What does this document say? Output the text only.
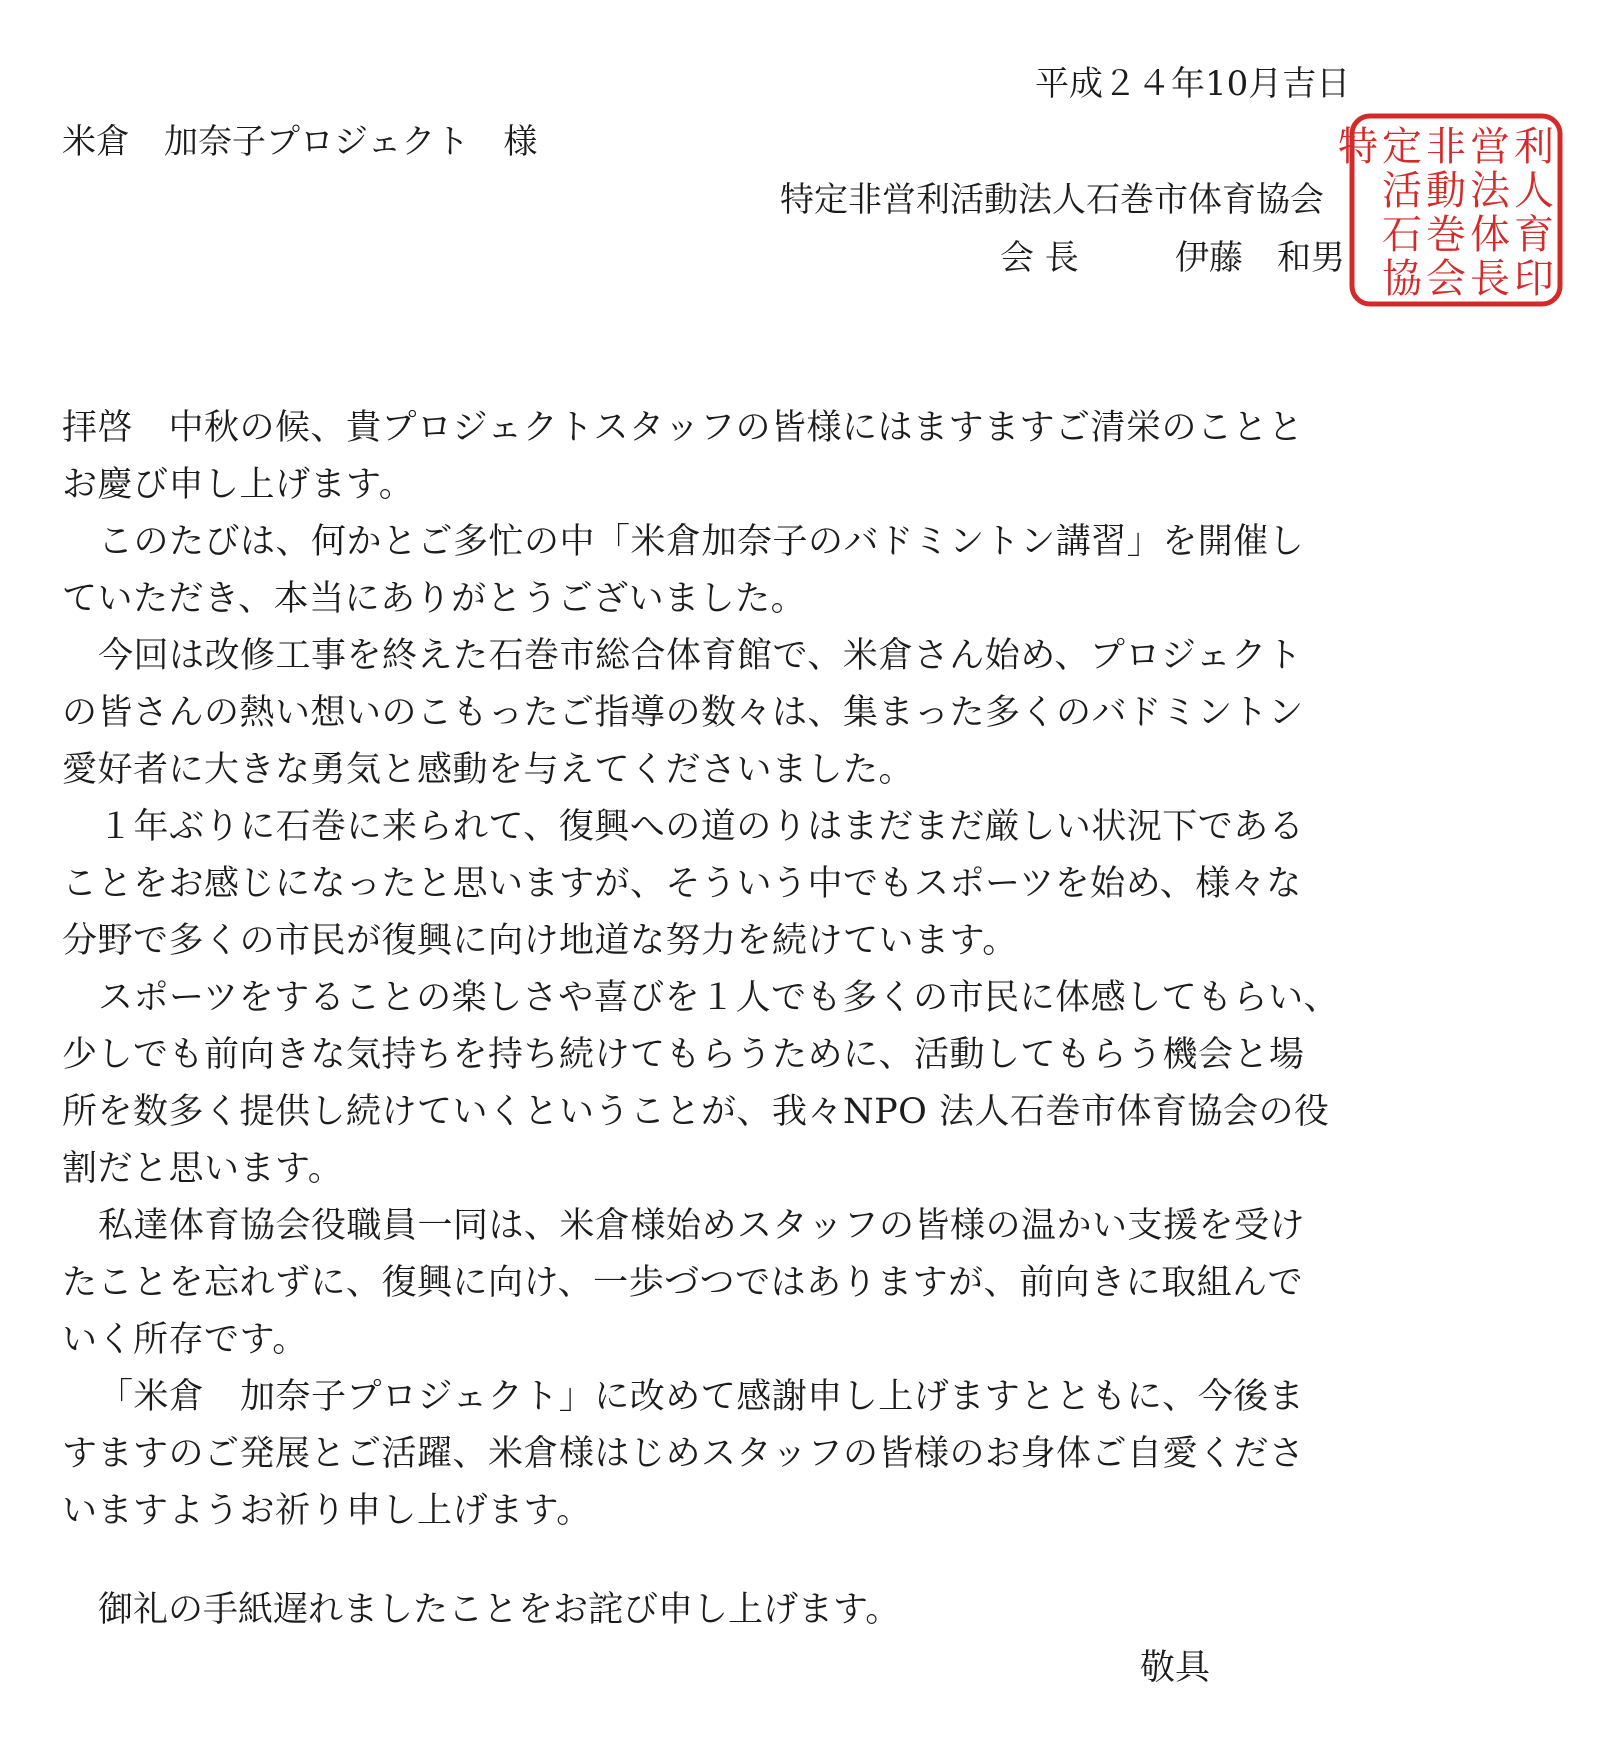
平成２４年10月吉日
米倉　加奈子プロジェクト　様
特定非営利活動法人石巻市体育協会
会 長	伊藤　和男
利
人
育
印
営
法
体
長
非
動
巻
会
定
活
石
協
特
拝啓　中秋の候、貴プロジェクトスタッフの皆様にはますますご清栄のことと
お慶び申し上げます。
このたびは、何かとご多忙の中「米倉加奈子のバドミントン講習」を開催し
ていただき、本当にありがとうございました。
今回は改修工事を終えた石巻市総合体育館で、米倉さん始め、プロジェクト
の皆さんの熱い想いのこもったご指導の数々は、集まった多くのバドミントン
愛好者に大きな勇気と感動を与えてくださいました。
１年ぶりに石巻に来られて、復興への道のりはまだまだ厳しい状況下である
ことをお感じになったと思いますが、そういう中でもスポーツを始め、様々な
分野で多くの市民が復興に向け地道な努力を続けています。
スポーツをすることの楽しさや喜びを１人でも多くの市民に体感してもらい、
少しでも前向きな気持ちを持ち続けてもらうために、活動してもらう機会と場
所を数多く提供し続けていくということが、我々NPO 法人石巻市体育協会の役
割だと思います。
私達体育協会役職員一同は、米倉様始めスタッフの皆様の温かい支援を受け
たことを忘れずに、復興に向け、一歩づつではありますが、前向きに取組んで
いく所存です。
「米倉　加奈子プロジェクト」に改めて感謝申し上げますとともに、今後ま
すますのご発展とご活躍、米倉様はじめスタッフの皆様のお身体ご自愛くださ
いますようお祈り申し上げます。
御礼の手紙遅れましたことをお詫び申し上げます。
敬具
